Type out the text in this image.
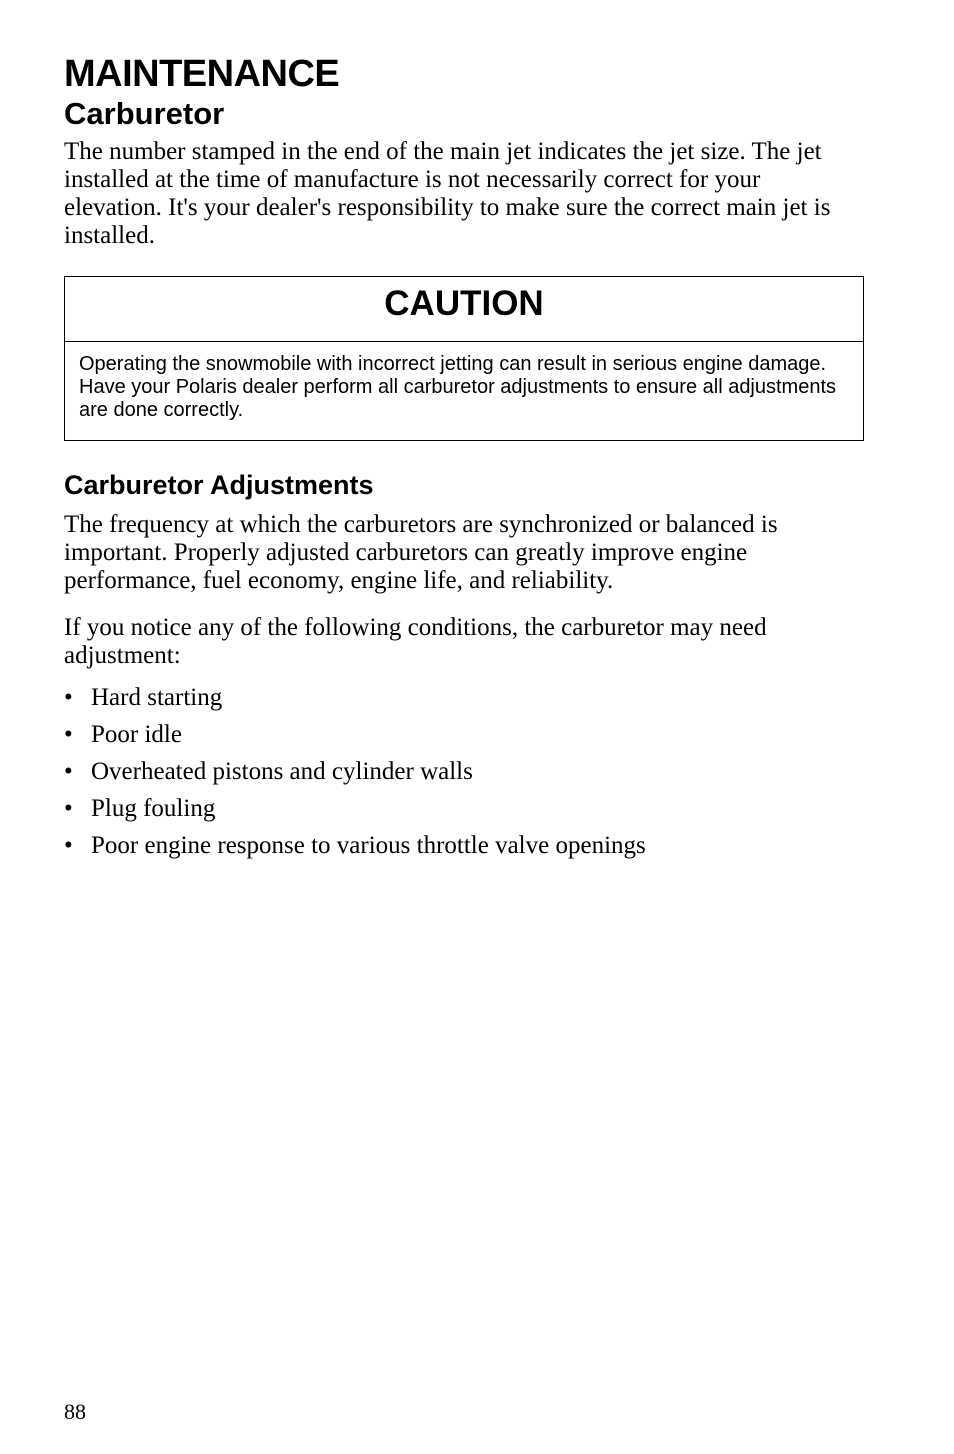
MAINTENANCE
Carburetor

The number stamped in the end of the main jet indicates the jet size. The jet installed at the time of manufacture is not necessarily correct for your elevation. It's your dealer's responsibility to make sure the correct main jet is installed.

CAUTION
Operating the snowmobile with incorrect jetting can result in serious engine damage. Have your Polaris dealer perform all carburetor adjustments to ensure all adjustments are done correctly.
Carburetor Adjustments

The frequency at which the carburetors are synchronized or balanced is important. Properly adjusted carburetors can greatly improve engine performance, fuel economy, engine life, and reliability.

If you notice any of the following conditions, the carburetor may need adjustment:

• Hard starting
• Poor idle
• Overheated pistons and cylinder walls
• Plug fouling
• Poor engine response to various throttle valve openings
88
